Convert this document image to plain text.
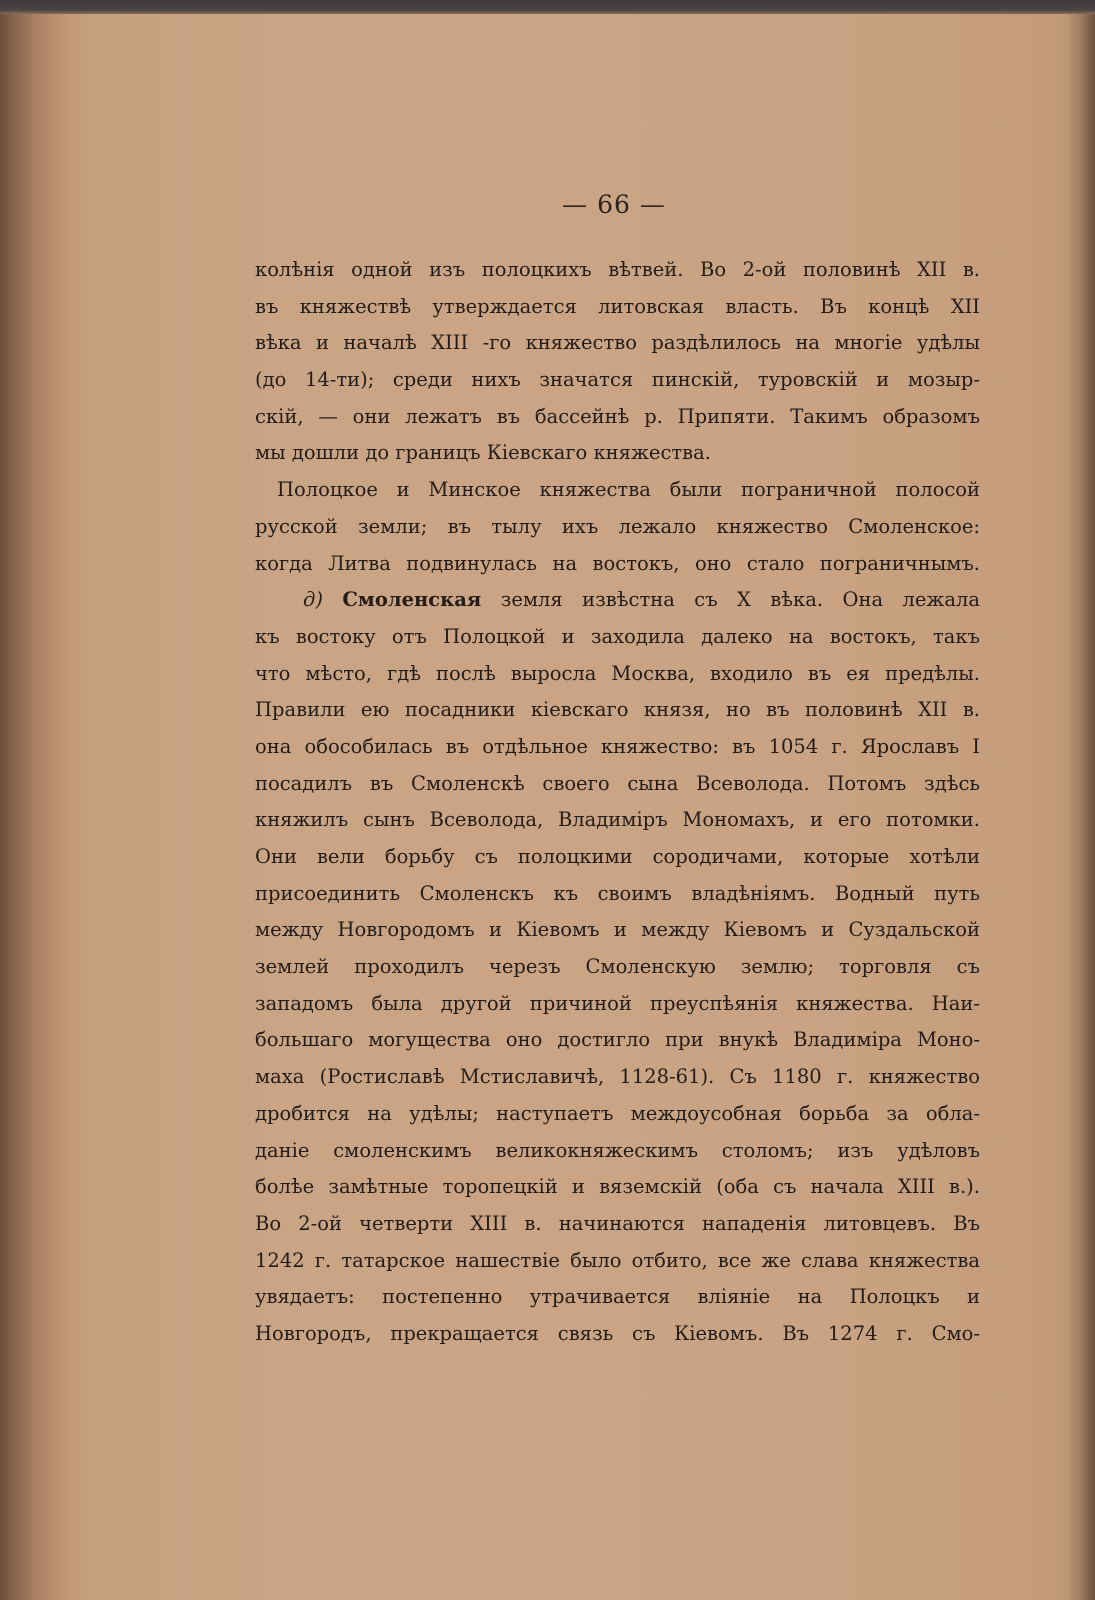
— 66 —
колѣнія одной изъ полоцкихъ вѣтвей. Во 2-ой половинѣ XII в.
въ княжествѣ утверждается литовская власть. Въ концѣ XII
вѣка и началѣ XIII -го княжество раздѣлилось на многіе удѣлы
(до 14-ти); среди нихъ значатся пинскій, туровскій и мозыр-
скій, — они лежатъ въ бассейнѣ р. Припяти. Такимъ образомъ
мы дошли до границъ Кіевскаго княжества.
Полоцкое и Минское княжества были пограничной полосой
русской земли; въ тылу ихъ лежало княжество Смоленское:
когда Литва подвинулась на востокъ, оно стало пограничнымъ.
д) Смоленская земля извѣстна съ X вѣка. Она лежала
къ востоку отъ Полоцкой и заходила далеко на востокъ, такъ
что мѣсто, гдѣ послѣ выросла Москва, входило въ ея предѣлы.
Правили ею посадники кіевскаго князя, но въ половинѣ XII в.
она обособилась въ отдѣльное княжество: въ 1054 г. Ярославъ I
посадилъ въ Смоленскѣ своего сына Всеволода. Потомъ здѣсь
княжилъ сынъ Всеволода, Владиміръ Мономахъ, и его потомки.
Они вели борьбу съ полоцкими сородичами, которые хотѣли
присоединить Смоленскъ къ своимъ владѣніямъ. Водный путь
между Новгородомъ и Кіевомъ и между Кіевомъ и Суздальской
землей проходилъ черезъ Смоленскую землю; торговля съ
западомъ была другой причиной преуспѣянія княжества. Наи-
большаго могущества оно достигло при внукѣ Владиміра Моно-
маха (Ростиславѣ Мстиславичѣ, 1128-61). Съ 1180 г. княжество
дробится на удѣлы; наступаетъ междоусобная борьба за обла-
даніе смоленскимъ великокняжескимъ столомъ; изъ удѣловъ
болѣе замѣтные торопецкій и вяземскій (оба съ начала XIII в.).
Во 2-ой четверти XIII в. начинаются нападенія литовцевъ. Въ
1242 г. татарское нашествіе было отбито, все же слава княжества
увядаетъ: постепенно утрачивается вліяніе на Полоцкъ и
Новгородъ, прекращается связь съ Кіевомъ. Въ 1274 г. Смо-
